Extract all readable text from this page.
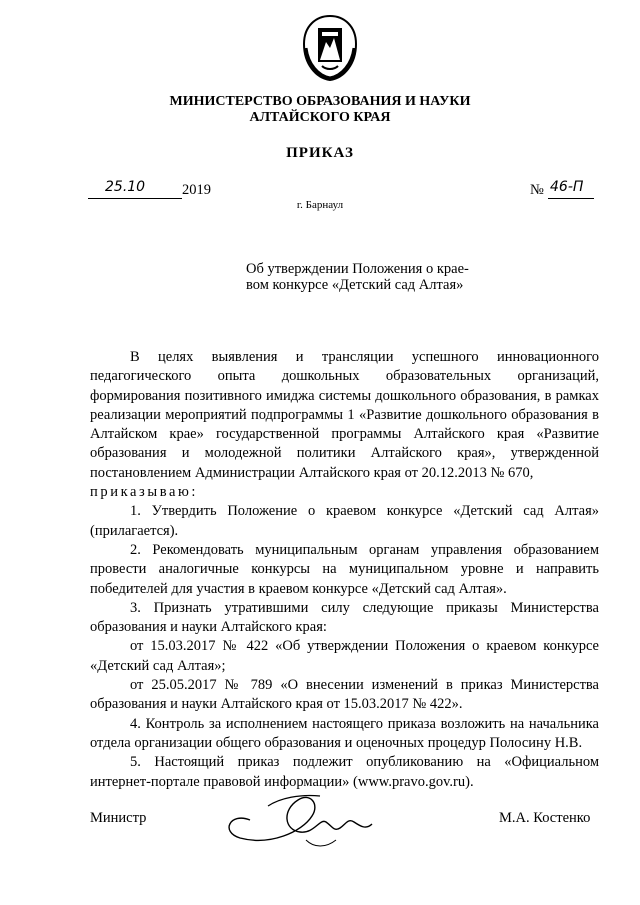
МИНИСТЕРСТВО ОБРАЗОВАНИЯ И НАУКИ
АЛТАЙСКОГО КРАЯ
ПРИКАЗ
25.10	2019	№ 46-П
г. Барнаул
Об утверждении Положения о крае-
вом конкурсе «Детский сад Алтая»

В целях выявления и трансляции успешного инновационного педагогического опыта дошкольных образовательных организаций, формирования позитивного имиджа системы дошкольного образования, в рамках реализации мероприятий подпрограммы 1 «Развитие дошкольного образования в Алтайском крае» государственной программы Алтайского края «Развитие образования и молодежной политики Алтайского края», утвержденной постановлением Администрации Алтайского края от 20.12.2013 № 670,

приказываю:

1. Утвердить Положение о краевом конкурсе «Детский сад Алтая» (прилагается).

2. Рекомендовать муниципальным органам управления образованием провести аналогичные конкурсы на муниципальном уровне и направить победителей для участия в краевом конкурсе «Детский сад Алтая».

3. Признать утратившими силу следующие приказы Министерства образования и науки Алтайского края:

от 15.03.2017 № 422 «Об утверждении Положения о краевом конкурсе «Детский сад Алтая»;

от 25.05.2017 № 789 «О внесении изменений в приказ Министерства образования и науки Алтайского края от 15.03.2017 № 422».

4. Контроль за исполнением настоящего приказа возложить на начальника отдела организации общего образования и оценочных процедур Полосину Н.В.

5. Настоящий приказ подлежит опубликованию на «Официальном интернет-портале правовой информации» (www.pravo.gov.ru).

Министр	М.А. Костенко
